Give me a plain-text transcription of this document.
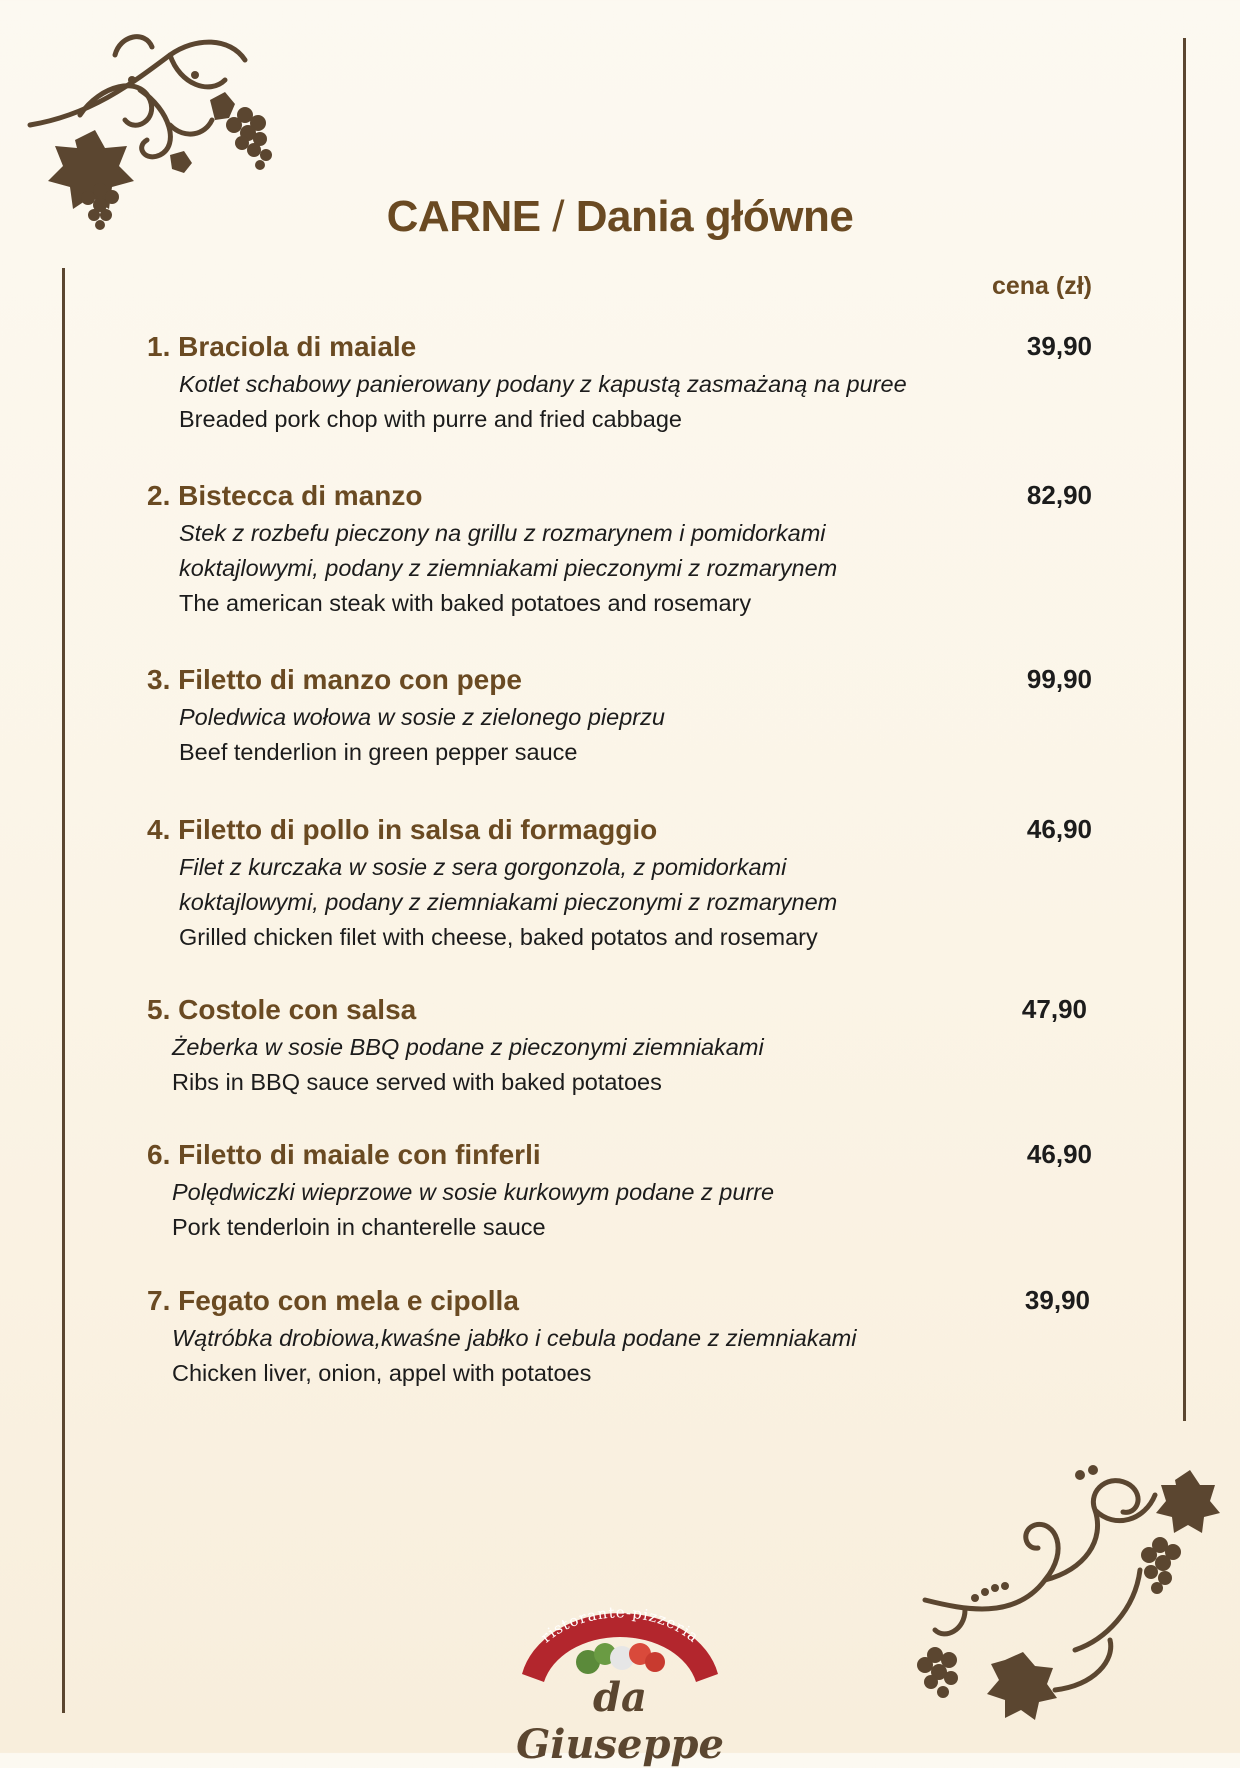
CARNE / Dania główne
cena (zł)
1. Braciola di maiale	39,90
Kotlet schabowy panierowany podany z kapustą zasmażaną na puree
Breaded pork chop with purre and fried cabbage
2. Bistecca di manzo	82,90
Stek z rozbefu pieczony na grillu z rozmarynem i pomidorkami
koktajlowymi, podany z ziemniakami pieczonymi z rozmarynem
The american steak with baked potatoes and rosemary
3. Filetto di manzo con pepe	99,90
Poledwica wołowa w sosie z zielonego pieprzu
Beef tenderlion in green pepper sauce
4. Filetto di pollo in salsa di formaggio	46,90
Filet z kurczaka w sosie z sera gorgonzola, z pomidorkami
koktajlowymi, podany z ziemniakami pieczonymi z rozmarynem
Grilled chicken filet with cheese, baked potatos and rosemary
5. Costole con salsa	47,90
Żeberka w sosie BBQ podane z pieczonymi ziemniakami
Ribs in BBQ sauce served with baked potatoes
6. Filetto di maiale con finferli	46,90
Polędwiczki wieprzowe w sosie kurkowym podane z purre
Pork tenderloin in chanterelle sauce
7. Fegato con mela e cipolla	39,90
Wątróbka drobiowa,kwaśne jabłko i cebula podane z ziemniakami
Chicken liver, onion, appel with potatoes
ristorante-pizzeria
da Giuseppe
